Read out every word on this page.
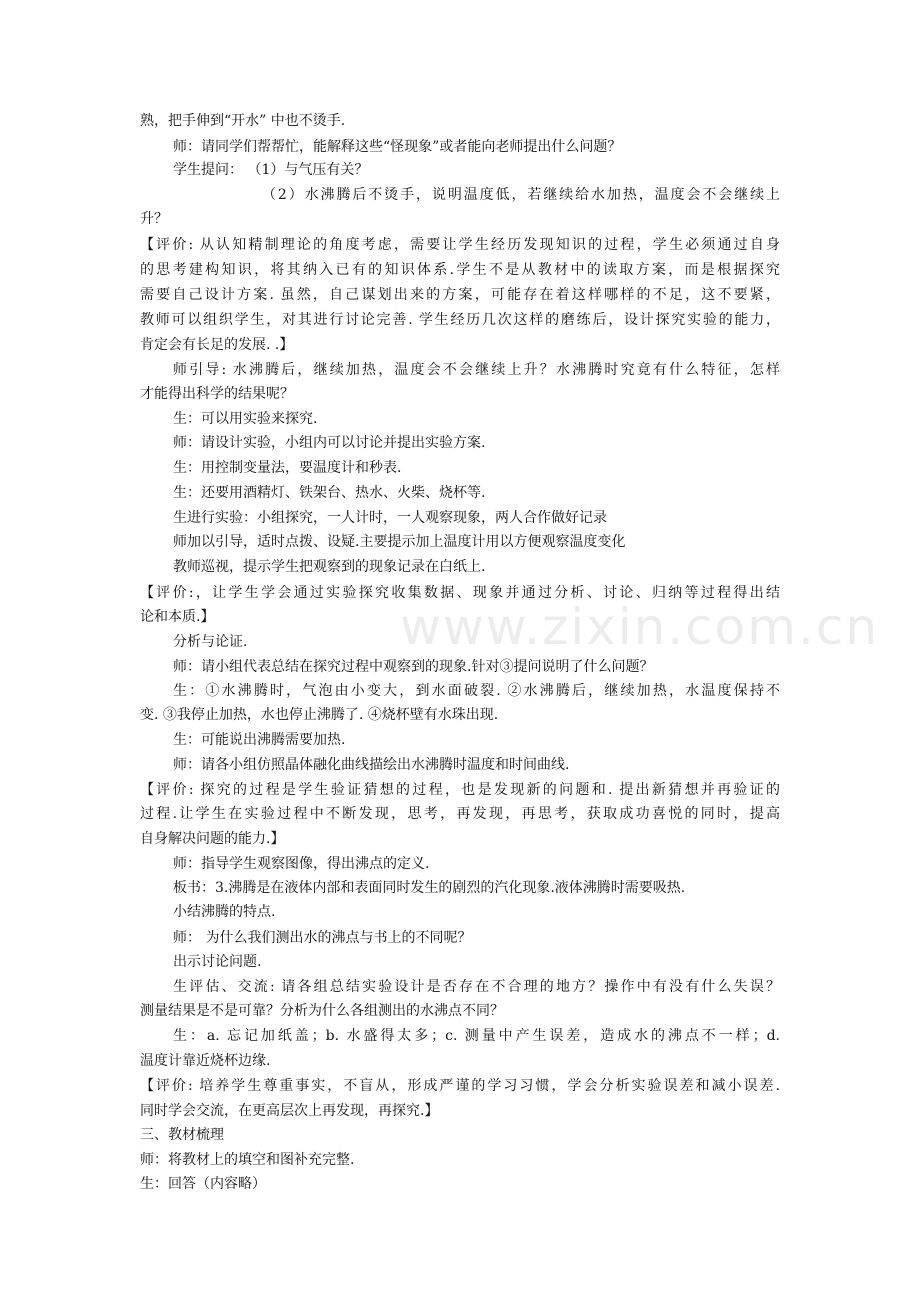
www.zixin.com.cn
熟，把手伸到“开水” 中也不烫手.
师：请同学们帮帮忙，能解释这些“怪现象”或者能向老师提出什么问题？
学生提问： （1）与气压有关？
（2）水沸腾后不烫手，说明温度低，若继续给水加热，温度会不会继续上
升？
【评价: 从认知精制理论的角度考虑，需要让学生经历发现知识的过程，学生必须通过自身
的思考建构知识，将其纳入已有的知识体系.学生不是从教材中的读取方案，而是根据探究
需要自己设计方案. 虽然，自己谋划出来的方案，可能存在着这样哪样的不足，这不要紧，
教师可以组织学生，对其进行讨论完善. 学生经历几次这样的磨练后，设计探究实验的能力，
肯定会有长足的发展. .】
师引导: 水沸腾后，继续加热，温度会不会继续上升？水沸腾时究竟有什么特征，怎样
才能得出科学的结果呢？
生：可以用实验来探究.
师：请设计实验，小组内可以讨论并提出实验方案.
生：用控制变量法，要温度计和秒表.
生：还要用酒精灯、铁架台、热水、火柴、烧杯等.
生进行实验：小组探究，一人计时，一人观察现象，两人合作做好记录
师加以引导，适时点拨、设疑.主要提示加上温度计用以方便观察温度变化
教师巡视，提示学生把观察到的现象记录在白纸上.
【评价:，让学生学会通过实验探究收集数据、现象并通过分析、讨论、归纳等过程得出结
论和本质.】
分析与论证.
师：请小组代表总结在探究过程中观察到的现象.针对③提问说明了什么问题？
生：①水沸腾时，气泡由小变大，到水面破裂. ②水沸腾后，继续加热，水温度保持不
变. ③我停止加热，水也停止沸腾了. ④烧杯壁有水珠出现.
生：可能说出沸腾需要加热.
师：请各小组仿照晶体融化曲线描绘出水沸腾时温度和时间曲线.
【评价: 探究的过程是学生验证猜想的过程，也是发现新的问题和. 提出新猜想并再验证的
过程.让学生在实验过程中不断发现，思考，再发现，再思考，获取成功喜悦的同时，提高
自身解决问题的能力.】
师：指导学生观察图像，得出沸点的定义.
板书：3.沸腾是在液体内部和表面同时发生的剧烈的汽化现象.液体沸腾时需要吸热.
小结沸腾的特点.
师： 为什么我们测出水的沸点与书上的不同呢？
出示讨论问题.
生评估、交流: 请各组总结实验设计是否存在不合理的地方？操作中有没有什么失误？
测量结果是不是可靠？分析为什么各组测出的水沸点不同？
生：a. 忘记加纸盖；b. 水盛得太多；c. 测量中产生误差，造成水的沸点不一样；d.
温度计靠近烧杯边缘.
【评价: 培养学生尊重事实，不盲从，形成严谨的学习习惯，学会分析实验误差和减小误差.
同时学会交流，在更高层次上再发现，再探究.】
三、教材梳理
师：将教材上的填空和图补充完整.
生：回答（内容略）
